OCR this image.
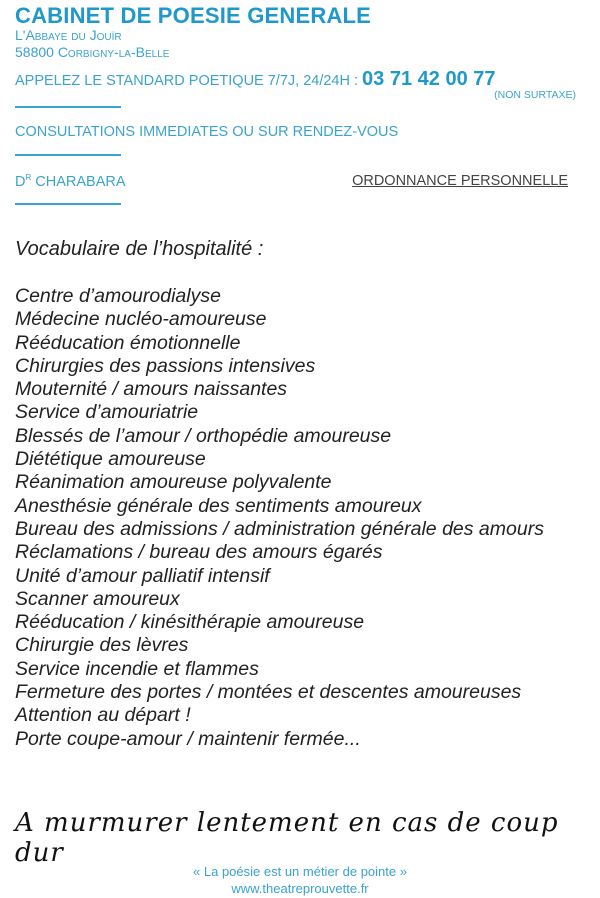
CABINET DE POESIE GENERALE
L'Abbaye du Jouïr
58800 Corbigny-la-Belle
APPELEZ LE STANDARD POETIQUE 7/7J, 24/24H : 03 71 42 00 77
(NON SURTAXE)
CONSULTATIONS IMMEDIATES OU SUR RENDEZ-VOUS
$D^R$ CHARABARA	ORDONNANCE PERSONNELLE
Vocabulaire de l’hospitalité :
Centre d’amourodialyse
Médecine nucléo-amoureuse
Rééducation émotionnelle
Chirurgies des passions intensives
Mouternité / amours naissantes
Service d’amouriatrie
Blessés de l’amour / orthopédie amoureuse
Diététique amoureuse
Réanimation amoureuse polyvalente
Anesthésie générale des sentiments amoureux
Bureau des admissions / administration générale des amours
Réclamations / bureau des amours égarés
Unité d’amour palliatif intensif
Scanner amoureux
Rééducation / kinésithérapie amoureuse
Chirurgie des lèvres
Service incendie et flammes
Fermeture des portes / montées et descentes amoureuses
Attention au départ !
Porte coupe-amour / maintenir fermée...
A murmurer lentement en cas de coup dur
« La poésie est un métier de pointe »
www.theatreprouvette.fr
